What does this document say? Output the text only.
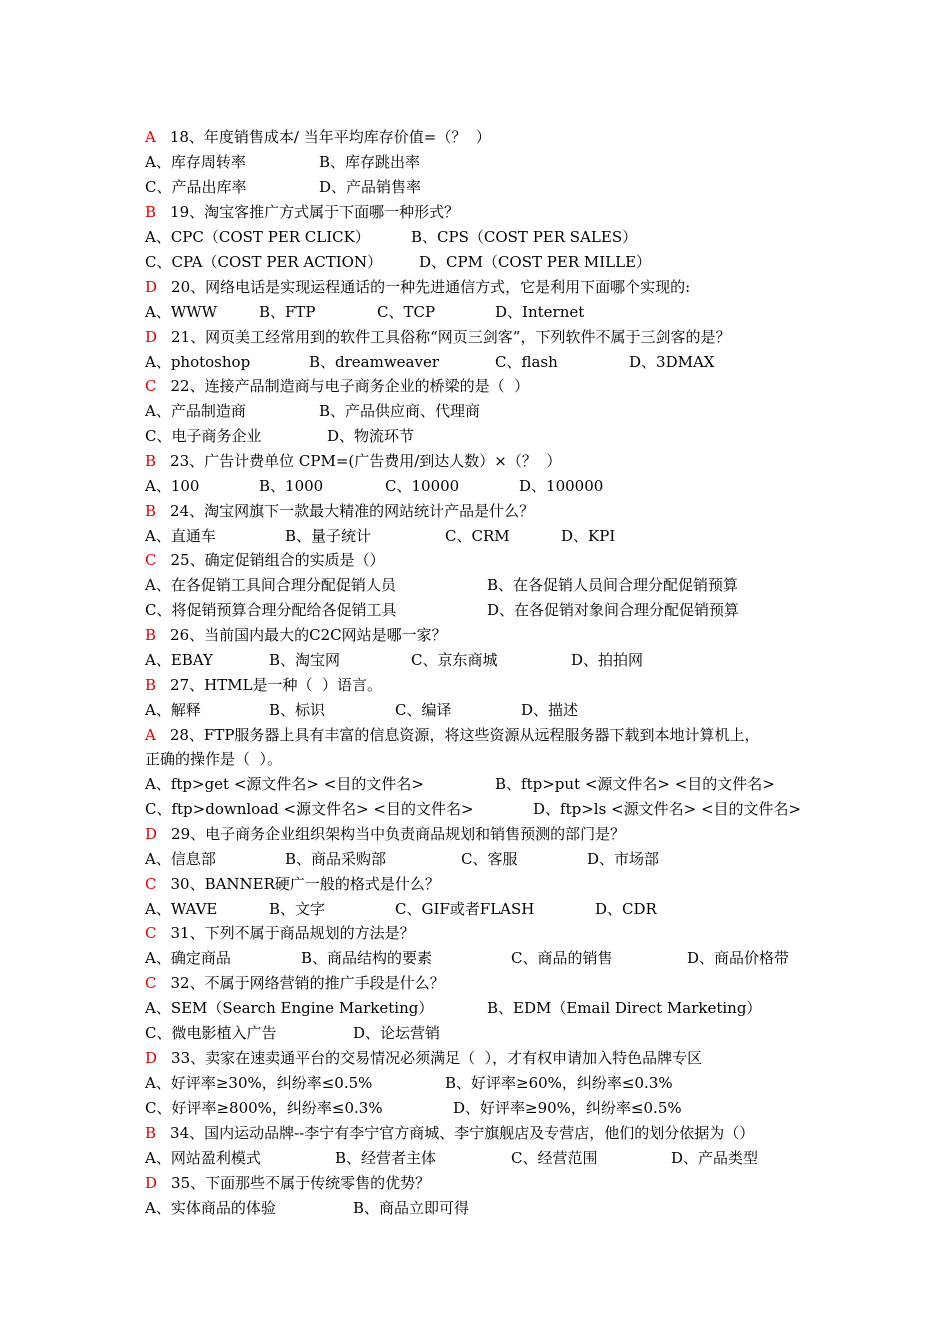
A 18、年度销售成本/ 当年平均库存价值=（？  ）
A、库存周转率	B、库存跳出率
C、产品出库率	D、产品销售率
B 19、淘宝客推广方式属于下面哪一种形式？
A、CPC（COST PER CLICK）	B、CPS（COST PER SALES）
C、CPA（COST PER ACTION） D、CPM（COST PER MILLE）
D 20、网络电话是实现运程通话的一种先进通信方式，它是利用下面哪个实现的:
A、WWW	B、FTP	C、TCP	D、Internet
D 21、网页美工经常用到的软件工具俗称“网页三剑客”，下列软件不属于三剑客的是？
A、photoshop	B、dreamweaver	C、flash	D、3DMAX
C 22、连接产品制造商与电子商务企业的桥梁的是（  ）
A、产品制造商	B、产品供应商、代理商
C、电子商务企业	D、物流环节
B 23、广告计费单位 CPM=(广告费用/到达人数）×（？  ）
A、100	B、1000	C、10000	D、100000
B 24、淘宝网旗下一款最大精准的网站统计产品是什么？
A、直通车	B、量子统计	C、CRM	D、KPI
C 25、确定促销组合的实质是（）
A、在各促销工具间合理分配促销人员	B、在各促销人员间合理分配促销预算
C、将促销预算合理分配给各促销工具	D、在各促销对象间合理分配促销预算
B 26、当前国内最大的C2C网站是哪一家？
A、EBAY	B、淘宝网	C、京东商城	D、拍拍网
B 27、HTML是一种（  ）语言。
A、解释	B、标识	C、编译	D、描述
A 28、FTP服务器上具有丰富的信息资源，将这些资源从远程服务器下载到本地计算机上，
正确的操作是（  ）。
A、ftp>get <源文件名> <目的文件名>	B、ftp>put <源文件名> <目的文件名>
C、ftp>download <源文件名> <目的文件名>	D、ftp>ls <源文件名> <目的文件名>
D 29、电子商务企业组织架构当中负责商品规划和销售预测的部门是？
A、信息部	B、商品采购部	C、客服	D、市场部
C 30、BANNER硬广一般的格式是什么？
A、WAVE	B、文字	C、GIF或者FLASH	D、CDR
C 31、下列不属于商品规划的方法是？
A、确定商品	B、商品结构的要素	C、商品的销售	D、商品价格带
C 32、不属于网络营销的推广手段是什么？
A、SEM（Search Engine Marketing）	B、EDM（Email Direct Marketing）
C、微电影植入广告	D、论坛营销
D 33、卖家在速卖通平台的交易情况必须满足（  ），才有权申请加入特色品牌专区
A、好评率≥30%，纠纷率≤0.5%	B、好评率≥60%，纠纷率≤0.3%
C、好评率≥800%，纠纷率≤0.3%	D、好评率≥90%，纠纷率≤0.5%
B 34、国内运动品牌--李宁有李宁官方商城、李宁旗舰店及专营店，他们的划分依据为（）
A、网站盈利模式	B、经营者主体	C、经营范围	D、产品类型
D 35、下面那些不属于传统零售的优势？
A、实体商品的体验	B、商品立即可得
